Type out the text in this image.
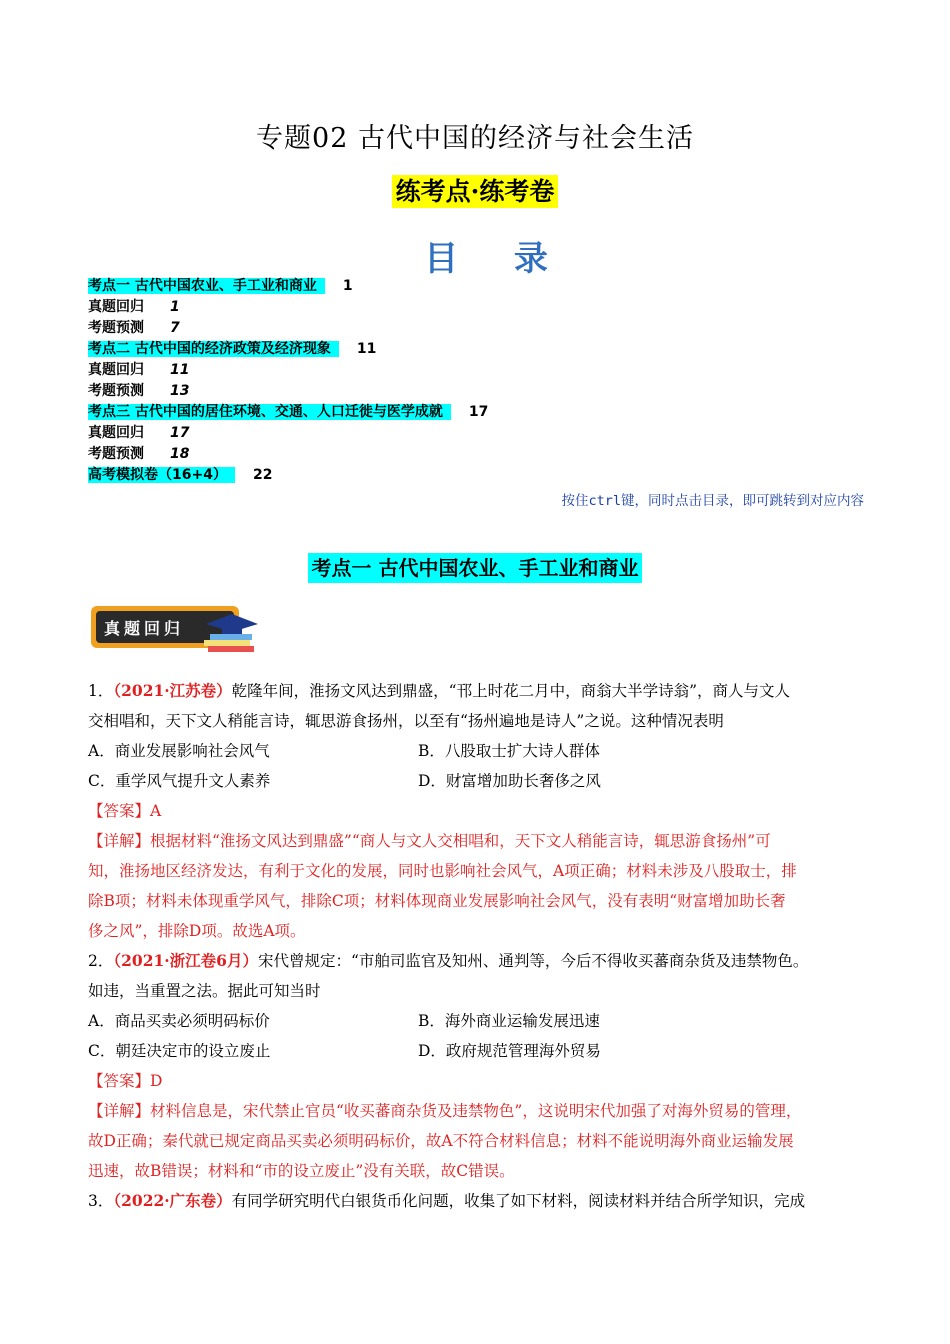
专题02 古代中国的经济与社会生活
练考点·练考卷
目 录
考点一 古代中国农业、手工业和商业 1
真题回归 1
考题预测 7
考点二 古代中国的经济政策及经济现象 11
真题回归 11
考题预测 13
考点三 古代中国的居住环境、交通、人口迁徙与医学成就 17
真题回归 17
考题预测 18
高考模拟卷（16+4） 22
按住ctrl键，同时点击目录，即可跳转到对应内容
考点一 古代中国农业、手工业和商业
真题回归
1．（2021·江苏卷）乾隆年间，淮扬文风达到鼎盛，“邗上时花二月中，商翁大半学诗翁”，商人与文人
交相唱和，天下文人稍能言诗，辄思游食扬州，以至有“扬州遍地是诗人”之说。这种情况表明
A．商业发展影响社会风气	B．八股取士扩大诗人群体
C．重学风气提升文人素养	D．财富增加助长奢侈之风
【答案】A
【详解】根据材料“淮扬文风达到鼎盛”“商人与文人交相唱和，天下文人稍能言诗，辄思游食扬州”可
知，淮扬地区经济发达，有利于文化的发展，同时也影响社会风气，A项正确；材料未涉及八股取士，排
除B项；材料未体现重学风气，排除C项；材料体现商业发展影响社会风气，没有表明“财富增加助长奢
侈之风”，排除D项。故选A项。
2．（2021·浙江卷6月）宋代曾规定：“市舶司监官及知州、通判等，今后不得收买蕃商杂货及违禁物色。
如违，当重置之法。据此可知当时
A．商品买卖必须明码标价	B．海外商业运输发展迅速
C．朝廷决定市的设立废止	D．政府规范管理海外贸易
【答案】D
【详解】材料信息是，宋代禁止官员“收买蕃商杂货及违禁物色”，这说明宋代加强了对海外贸易的管理，
故D正确；秦代就已规定商品买卖必须明码标价，故A不符合材料信息；材料不能说明海外商业运输发展
迅速，故B错误；材料和“市的设立废止”没有关联，故C错误。
3．（2022·广东卷）有同学研究明代白银货币化问题，收集了如下材料，阅读材料并结合所学知识，完成
